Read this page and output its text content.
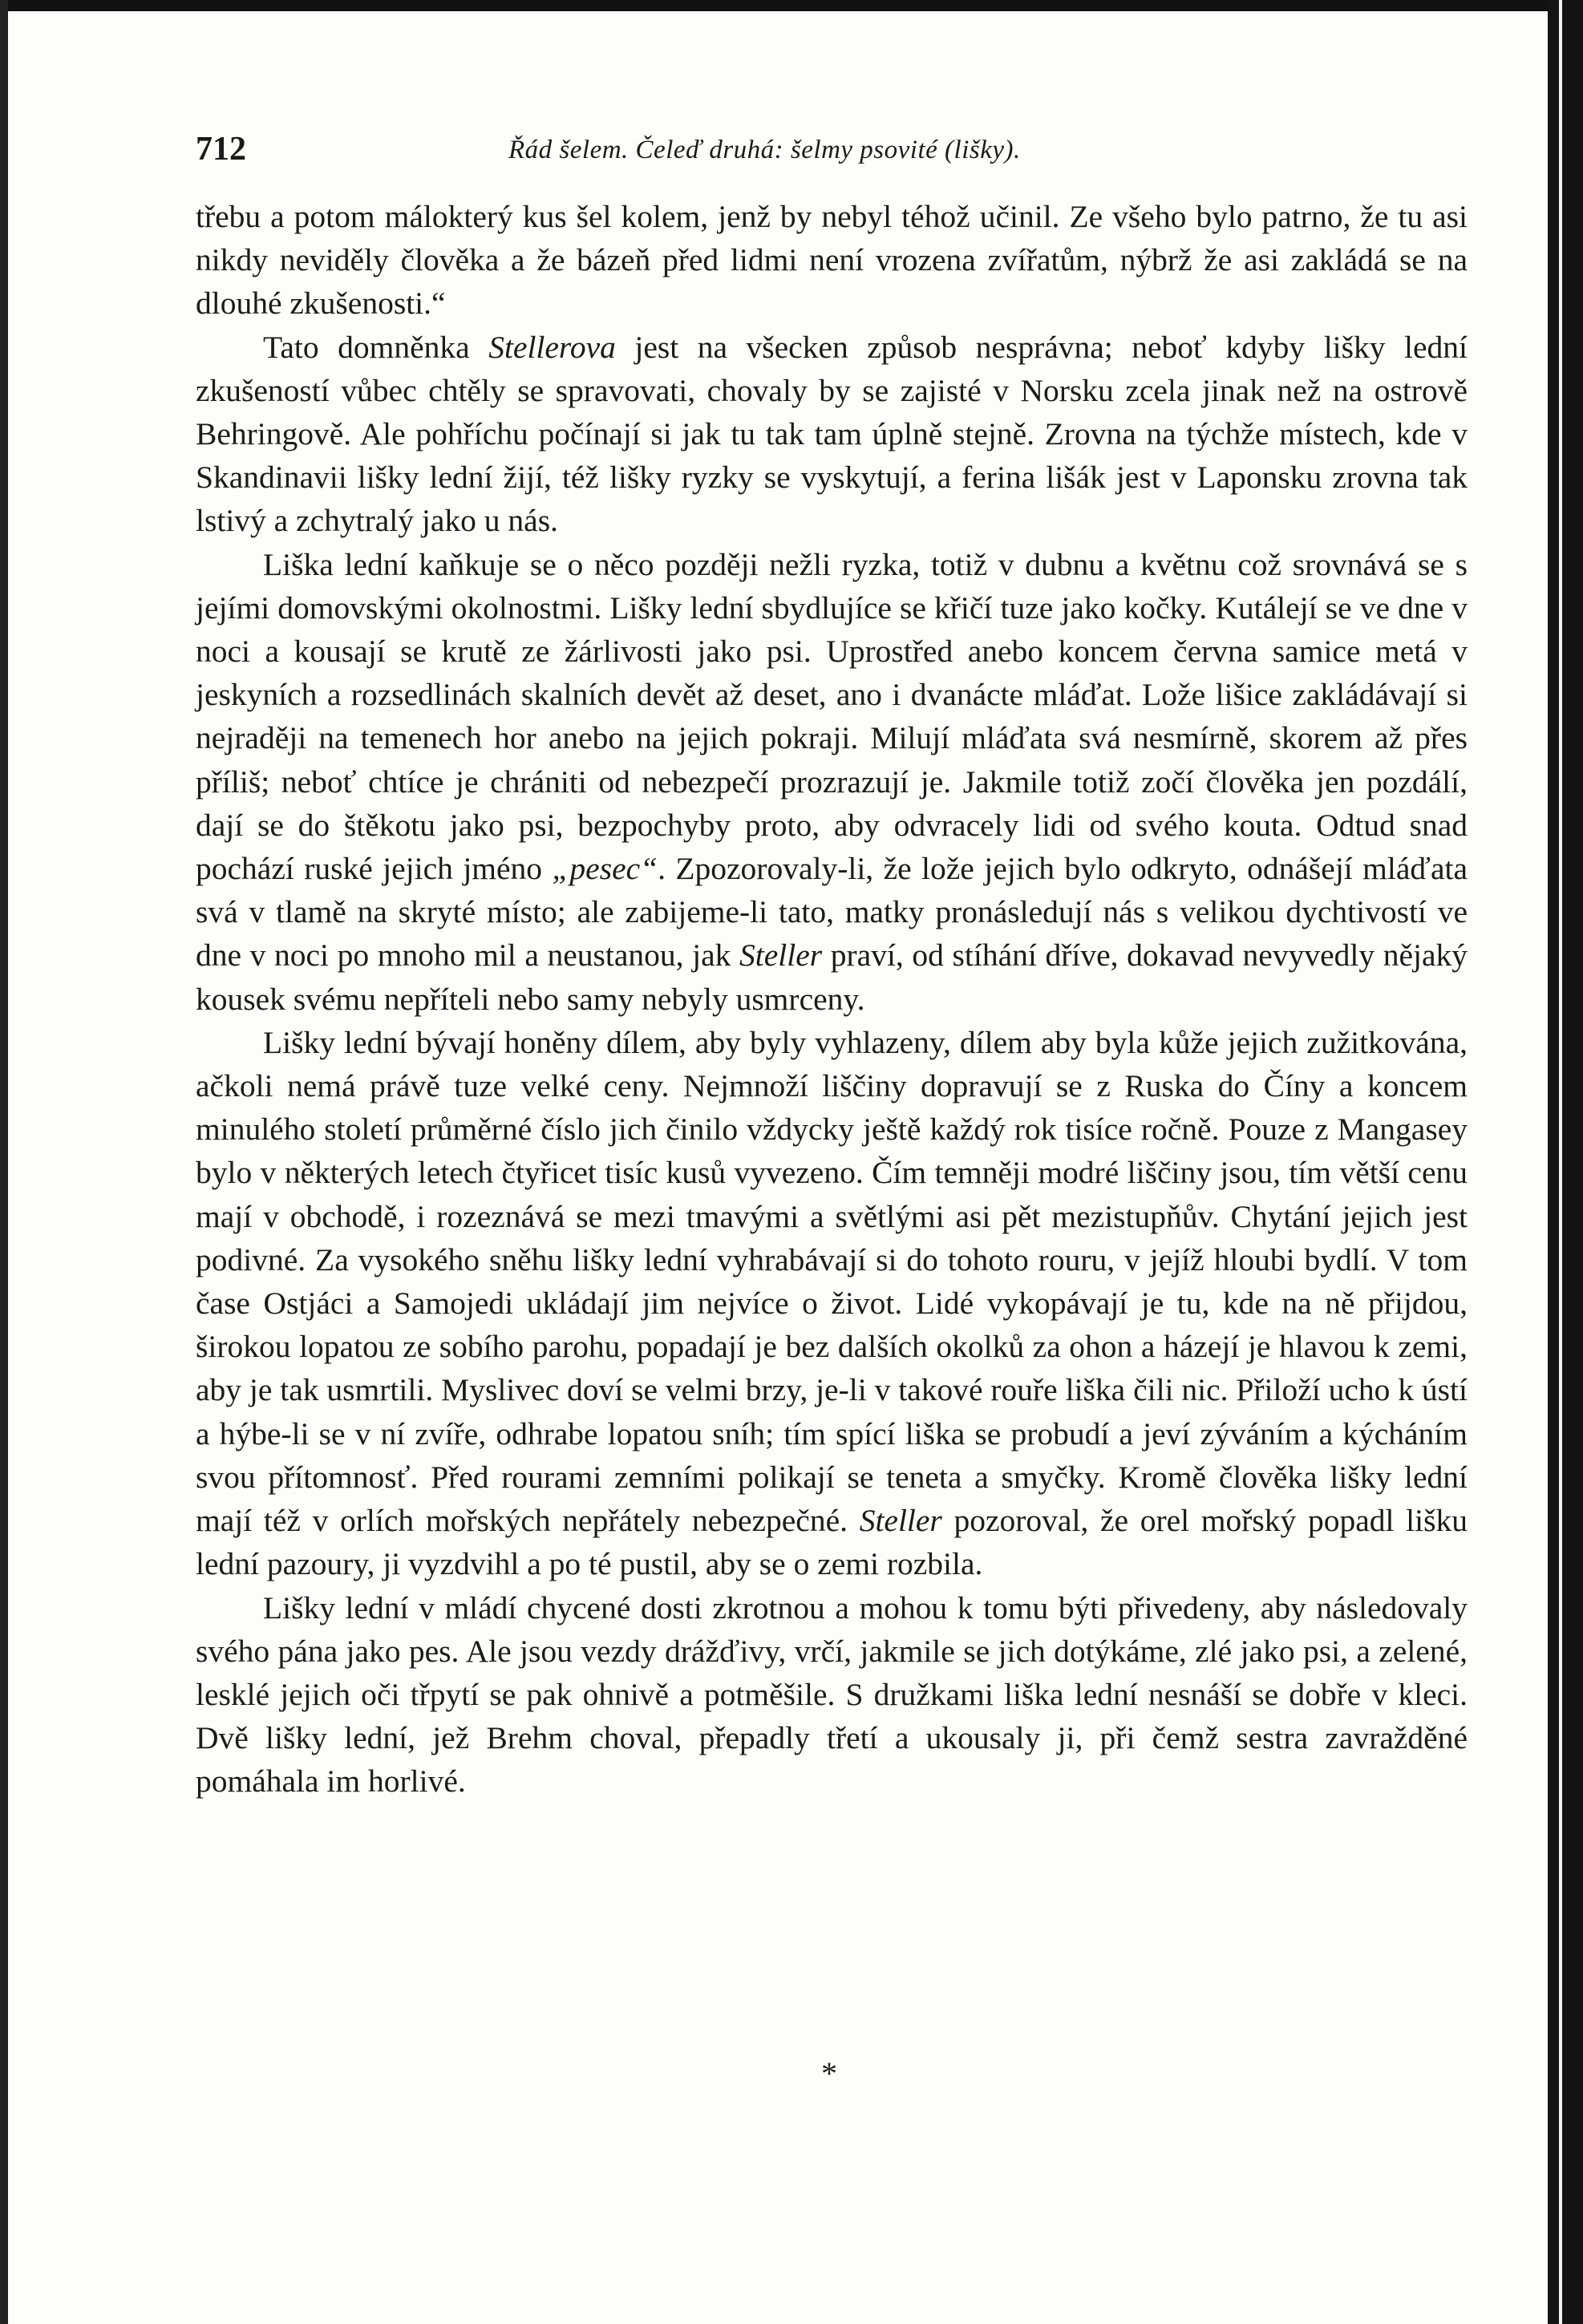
712	Řád šelem. Čeleď druhá: šelmy psovité (lišky).

třebu a potom málokterý kus šel kolem, jenž by nebyl téhož učinil. Ze všeho bylo patrno, že tu asi nikdy neviděly člověka a že bázeň před lidmi není vrozena zvířatům, nýbrž že asi zakládá se na dlouhé zkušenosti.“

Tato domněnka Stellerova jest na všecken způsob nesprávna; neboť kdyby lišky lední zkušeností vůbec chtěly se spravovati, chovaly by se zajisté v Norsku zcela jinak než na ostrově Behringově. Ale pohříchu počínají si jak tu tak tam úplně stejně. Zrovna na týchže místech, kde v Skandinavii lišky lední žijí, též lišky ryzky se vyskytují, a ferina lišák jest v Laponsku zrovna tak lstivý a zchytralý jako u nás.

Liška lední kaňkuje se o něco později nežli ryzka, totiž v dubnu a květnu což srovnává se s jejími domovskými okolnostmi. Lišky lední sbydlujíce se křičí tuze jako kočky. Kutálejí se ve dne v noci a kousají se krutě ze žárlivosti jako psi. Uprostřed anebo koncem června samice metá v jeskyních a rozsedlinách skalních devět až deset, ano i dvanácte mláďat. Lože lišice zakládávají si nejraději na temenech hor anebo na jejich pokraji. Milují mláďata svá nesmírně, skorem až přes příliš; neboť chtíce je chrániti od nebezpečí prozrazují je. Jakmile totiž zočí člověka jen pozdálí, dají se do štěkotu jako psi, bezpochyby proto, aby odvracely lidi od svého kouta. Odtud snad pochází ruské jejich jméno „pesec“. Zpozorovaly-li, že lože jejich bylo odkryto, odnášejí mláďata svá v tlamě na skryté místo; ale zabijeme-li tato, matky pronásledují nás s velikou dychtivostí ve dne v noci po mnoho mil a neustanou, jak Steller praví, od stíhání dříve, dokavad nevyvedly nějaký kousek svému nepříteli nebo samy nebyly usmrceny.

Lišky lední bývají honěny dílem, aby byly vyhlazeny, dílem aby byla kůže jejich zužitkována, ačkoli nemá právě tuze velké ceny. Nejmnoží liščiny dopravují se z Ruska do Číny a koncem minulého století průměrné číslo jich činilo vždycky ještě každý rok tisíce ročně. Pouze z Mangasey bylo v některých letech čtyřicet tisíc kusů vyvezeno. Čím temněji modré liščiny jsou, tím větší cenu mají v obchodě, i rozeznává se mezi tmavými a světlými asi pět mezistupňův. Chytání jejich jest podivné. Za vysokého sněhu lišky lední vyhrabávají si do tohoto rouru, v jejíž hloubi bydlí. V tom čase Ostjáci a Samojedi ukládají jim nejvíce o život. Lidé vykopávají je tu, kde na ně přijdou, širokou lopatou ze sobího parohu, popadají je bez dalších okolků za ohon a házejí je hlavou k zemi, aby je tak usmrtili. Myslivec doví se velmi brzy, je-li v takové rouře liška čili nic. Přiloží ucho k ústí a hýbe-li se v ní zvíře, odhrabe lopatou sníh; tím spící liška se probudí a jeví zýváním a kýcháním svou přítomnosť. Před rourami zemními polikají se teneta a smyčky. Kromě člověka lišky lední mají též v orlích mořských nepřátely nebezpečné. Steller pozoroval, že orel mořský popadl lišku lední pazoury, ji vyzdvihl a po té pustil, aby se o zemi rozbila.

Lišky lední v mládí chycené dosti zkrotnou a mohou k tomu býti přivedeny, aby následovaly svého pána jako pes. Ale jsou vezdy drážďivy, vrčí, jakmile se jich dotýkáme, zlé jako psi, a zelené, lesklé jejich oči třpytí se pak ohnivě a potměšile. S družkami liška lední nesnáší se dobře v kleci. Dvě lišky lední, jež Brehm choval, přepadly třetí a ukousaly ji, při čemž sestra zavražděné pomáhala im horlivé.

*
